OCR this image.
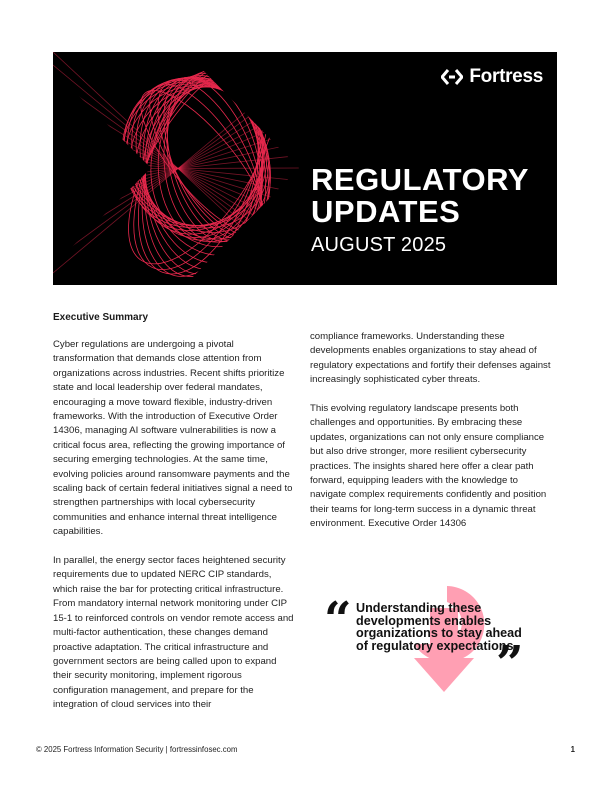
Fortress
REGULATORY
UPDATES
AUGUST 2025
Executive Summary

Cyber regulations are undergoing a pivotal transformation that demands close attention from organizations across industries. Recent shifts prioritize state and local leadership over federal mandates, encouraging a move toward flexible, industry-driven frameworks. With the introduction of Executive Order 14306, managing AI software vulnerabilities is now a critical focus area, reflecting the growing importance of securing emerging technologies. At the same time, evolving policies around ransomware payments and the scaling back of certain federal initiatives signal a need to strengthen partnerships with local cybersecurity communities and enhance internal threat intelligence capabilities.

In parallel, the energy sector faces heightened security requirements due to updated NERC CIP standards, which raise the bar for protecting critical infrastructure. From mandatory internal network monitoring under CIP 15-1 to reinforced controls on vendor remote access and multi-factor authentication, these changes demand proactive adaptation. The critical infrastructure and government sectors are being called upon to expand their security monitoring, implement rigorous configuration management, and prepare for the integration of cloud services into their

compliance frameworks. Understanding these developments enables organizations to stay ahead of regulatory expectations and fortify their defenses against increasingly sophisticated cyber threats.

This evolving regulatory landscape presents both challenges and opportunities. By embracing these updates, organizations can not only ensure compliance but also drive stronger, more resilient cybersecurity practices. The insights shared here offer a clear path forward, equipping leaders with the knowledge to navigate complex requirements confidently and position their teams for long-term success in a dynamic threat environment. Executive Order 14306

“ Understanding these developments enables organizations to stay ahead of regulatory expectations
”
© 2025 Fortress Information Security | fortressinfosec.com	1
